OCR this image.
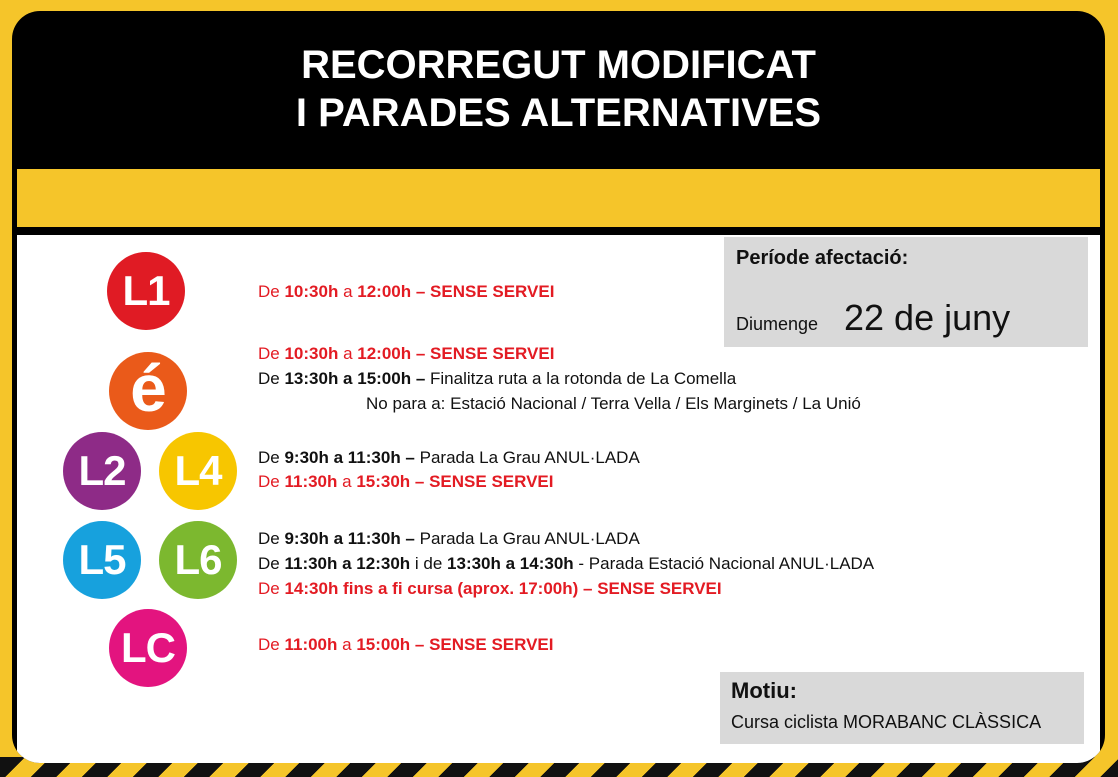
RECORREGUT MODIFICAT
I PARADES ALTERNATIVES
L1
é
L2	L4
L5	L6
LC
De 10:30h a 12:00h – SENSE SERVEI
De 10:30h a 12:00h – SENSE SERVEI
De 13:30h a 15:00h – Finalitza ruta a la rotonda de La Comella
No para a: Estació Nacional / Terra Vella / Els Marginets / La Unió
De 9:30h a 11:30h – Parada La Grau ANUL·LADA
De 11:30h a 15:30h – SENSE SERVEI
De 9:30h a 11:30h – Parada La Grau ANUL·LADA
De 11:30h a 12:30h i de 13:30h a 14:30h - Parada Estació Nacional ANUL·LADA
De 14:30h fins a fi cursa (aprox. 17:00h) – SENSE SERVEI
De 11:00h a 15:00h – SENSE SERVEI
Període afectació:
Diumenge 22 de juny
Motiu:
Cursa ciclista MORABANC CLÀSSICA
